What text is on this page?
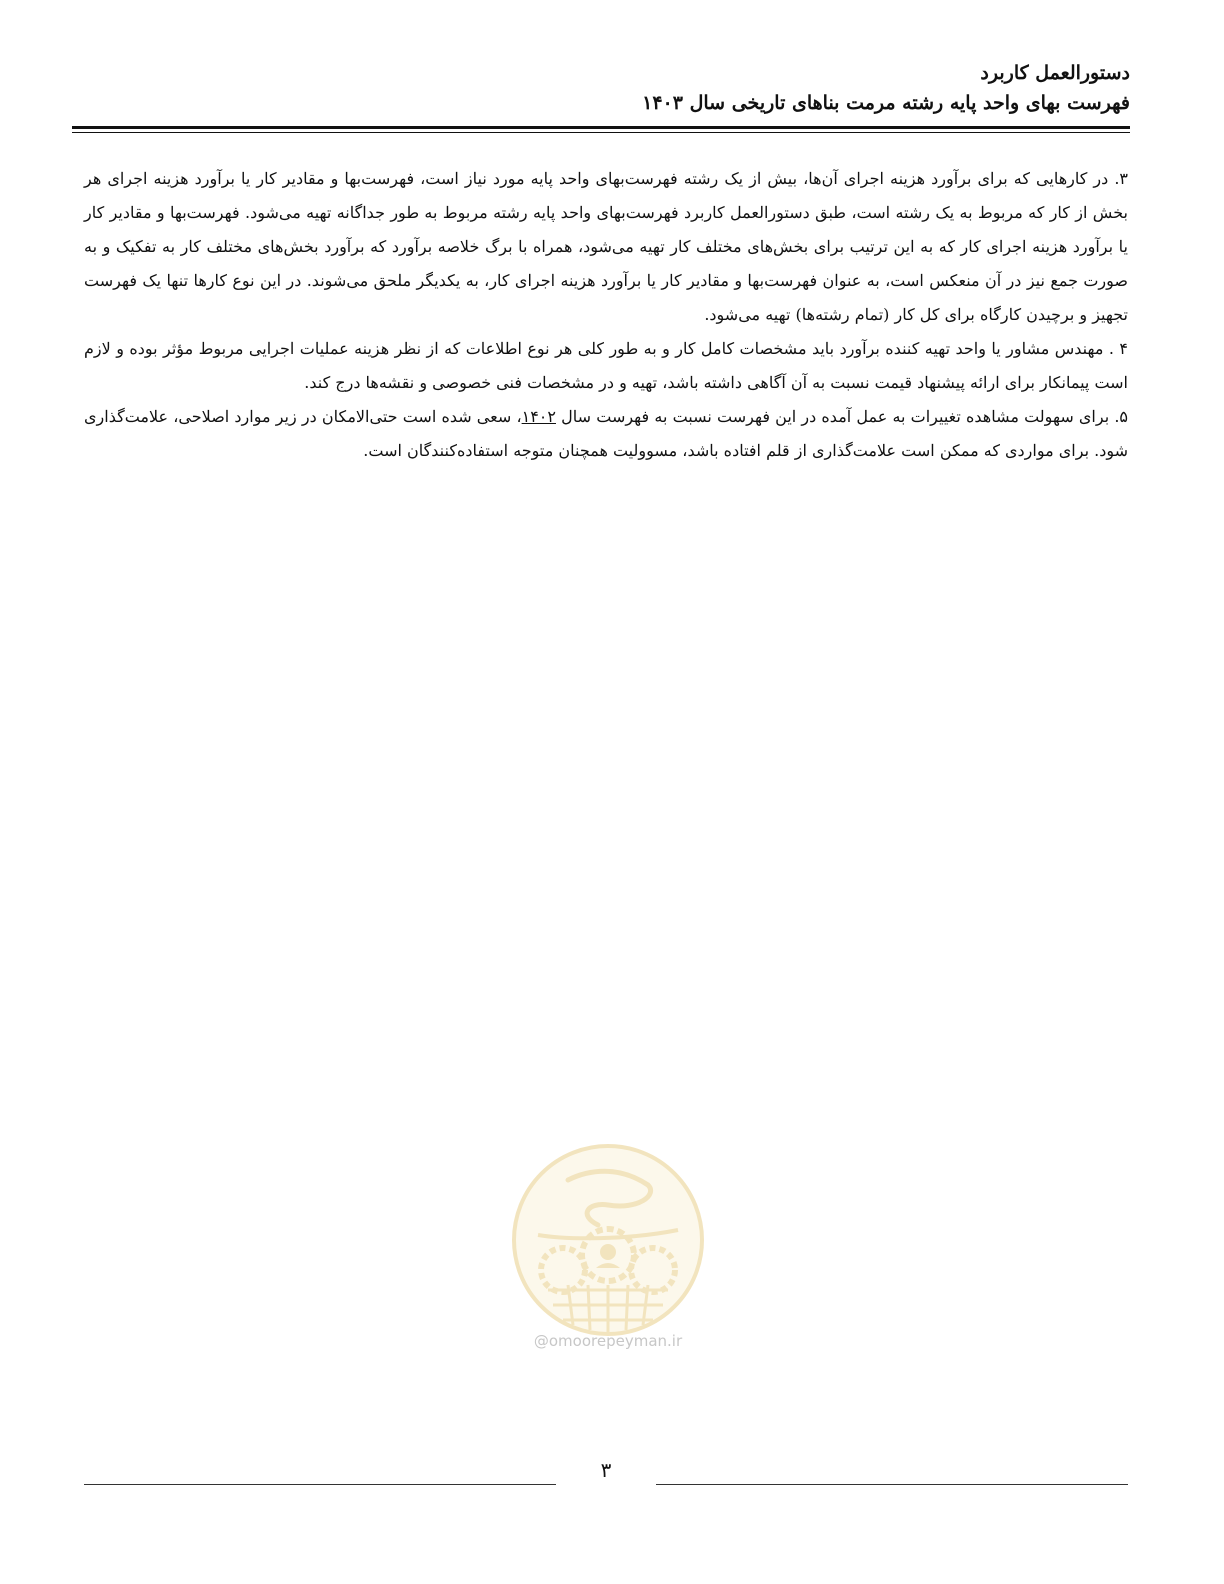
دستورالعمل کاربرد
فهرست بهای واحد پایه رشته مرمت بناهای تاریخی سال ۱۴۰۳

۳. در کارهایی که برای برآورد هزینه اجرای آن‌ها، بیش از یک رشته فهرست‌بهای واحد پایه مورد نیاز است، فهرست‌بها و مقادیر کار یا برآورد هزینه اجرای هر بخش از کار که مربوط به یک رشته است، طبق دستورالعمل کاربرد فهرست‌بهای واحد پایه رشته مربوط به طور جداگانه تهیه می‌شود. فهرست‌بها و مقادیر کار یا برآورد هزینه اجرای کار که به این ترتیب برای بخش‌های مختلف کار تهیه می‌شود، همراه با برگ خلاصه برآورد که برآورد بخش‌های مختلف کار به تفکیک و به صورت جمع نیز در آن منعکس است، به عنوان فهرست‌بها و مقادیر کار یا برآورد هزینه اجرای کار، به یکدیگر ملحق می‌شوند. در این نوع کارها تنها یک فهرست تجهیز و برچیدن کارگاه برای کل کار (تمام رشته‌ها) تهیه می‌شود.

۴ . مهندس مشاور یا واحد تهیه کننده برآورد باید مشخصات کامل کار و به طور کلی هر نوع اطلاعات که از نظر هزینه عملیات اجرایی مربوط مؤثر بوده و لازم است پیمانکار برای ارائه پیشنهاد قیمت نسبت به آن آگاهی داشته باشد، تهیه و در مشخصات فنی خصوصی و نقشه‌ها درج کند.

۵. برای سهولت مشاهده تغییرات به عمل آمده در این فهرست نسبت به فهرست سال ۱۴۰۲، سعی شده است حتی‌الامکان در زیر موارد اصلاحی، علامت‌گذاری شود. برای مواردی که ممکن است علامت‌گذاری از قلم افتاده باشد، مسوولیت همچنان متوجه استفاده‌کنندگان است.

@omoorepeyman.ir
۳
